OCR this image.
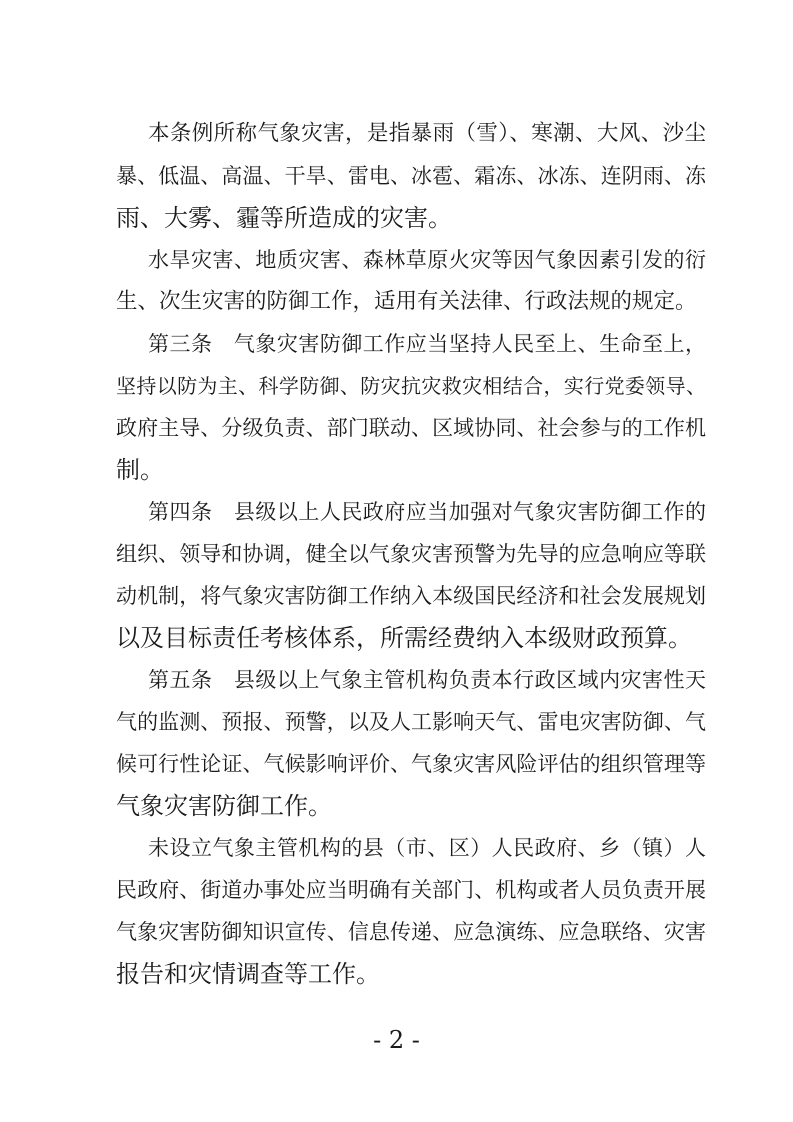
本条例所称气象灾害，是指暴雨（雪）、寒潮、大风、沙尘
暴、低温、高温、干旱、雷电、冰雹、霜冻、冰冻、连阴雨、冻
雨、大雾、霾等所造成的灾害。
水旱灾害、地质灾害、森林草原火灾等因气象因素引发的衍
生、次生灾害的防御工作，适用有关法律、行政法规的规定。
第三条　气象灾害防御工作应当坚持人民至上、生命至上，
坚持以防为主、科学防御、防灾抗灾救灾相结合，实行党委领导、
政府主导、分级负责、部门联动、区域协同、社会参与的工作机
制。
第四条　县级以上人民政府应当加强对气象灾害防御工作的
组织、领导和协调，健全以气象灾害预警为先导的应急响应等联
动机制，将气象灾害防御工作纳入本级国民经济和社会发展规划
以及目标责任考核体系，所需经费纳入本级财政预算。
第五条　县级以上气象主管机构负责本行政区域内灾害性天
气的监测、预报、预警，以及人工影响天气、雷电灾害防御、气
候可行性论证、气候影响评价、气象灾害风险评估的组织管理等
气象灾害防御工作。
未设立气象主管机构的县（市、区）人民政府、乡（镇）人
民政府、街道办事处应当明确有关部门、机构或者人员负责开展
气象灾害防御知识宣传、信息传递、应急演练、应急联络、灾害
报告和灾情调查等工作。
- 2 -
